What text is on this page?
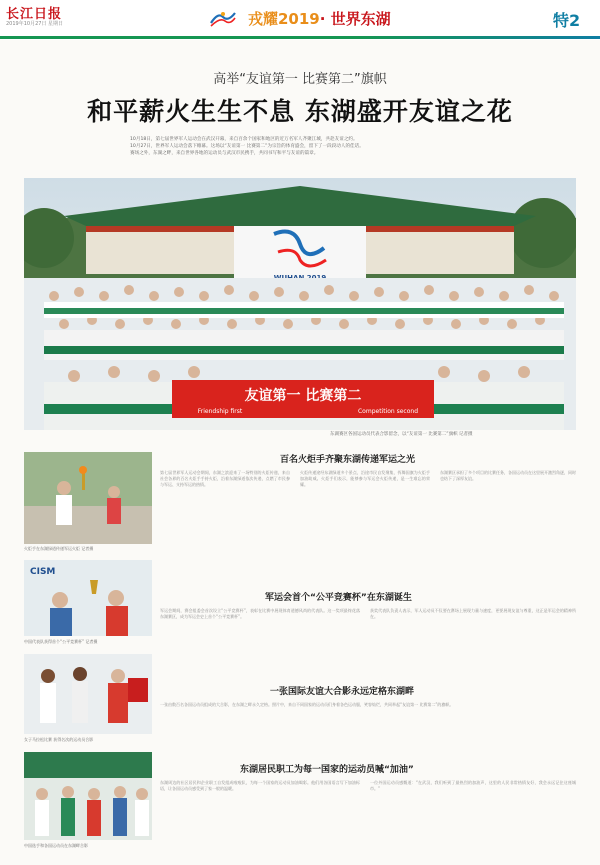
长江日报
2019年10月27日 星期日	戎耀2019· 世界东湖	特2
高举“友谊第一 比赛第二”旗帜
和平薪火生生不息 东湖盛开友谊之花

10月18日，第七届世界军人运动会在武汉开幕，来自百余个国家和地区的近万名军人齐聚江城，共赴友谊之约。

10月27日，世界军人运动会落下帷幕。这场以“友谊第一 比赛第二”为宗旨的体育盛会，留下了一段段动人的佳话。

赛场之外，东湖之畔，来自世界各地的运动员与武汉市民携手，共同书写和平与友谊的篇章。

友谊第一 比赛第二
Friendship first	Competition second
东湖赛区各国运动员代表合影留念，以“友谊第一 比赛第二”旗帜 记者摄
火炬手在东湖绿道传递军运火炬 记者摄
CISM
中国代表队获得首个“公平竞赛杯” 记者摄
女子马拉松比赛 获得名次的运动员合影
中国选手和各国运动员在东湖畔合影
百名火炬手齐聚东湖传递军运之光
第七届世界军人运动会期间，东湖之滨迎来了一场特别的火炬传递，来自社会各界的百名火炬手手持火炬，沿着东湖绿道依次传递，点燃了市民参与军运、支持军运的热情。
火炬传递途经东湖绿道多个景点，沿途市民自发聚集，挥舞国旗为火炬手加油助威。火炬手们表示，能够参与军运会火炬传递，是一生难忘的荣耀。
东湖赛区承担了多个项目的比赛任务，各国运动员在这里展开激烈角逐，同时也结下了深厚友谊。
军运会首个“公平竞赛杯”在东湖诞生
军运会期间，赛会组委会首次设立“公平竞赛杯”，表彰在比赛中展现体育道德风尚的代表队。这一奖项最终花落东湖赛区，成为军运会史上首个“公平竞赛杯”。
获奖代表队负责人表示，军人运动员不仅要在赛场上展现力量与速度，更要展现友谊与尊重，这正是军运会的精神所在。
一张国际友谊大合影永远定格东湖畔
一张由数百名各国运动员组成的大合影，在东湖之畔永久定格。照片中，来自不同国家的运动员们身着各色运动服，笑容灿烂，共同举起“友谊第一 比赛第二”的旗帜。
东湖居民职工为每一国家的运动员喊“加油”
东湖周边的社区居民和企业职工自发组成啦啦队，为每一个国家的运动员加油喝彩。他们用各国语言写下加油标语，让各国运动员感受到了家一般的温暖。
一位外国运动员感慨道：“在武汉，我们听到了最热烈的加油声，这里的人民非常热情友好，我会永远记住这座城市。”
